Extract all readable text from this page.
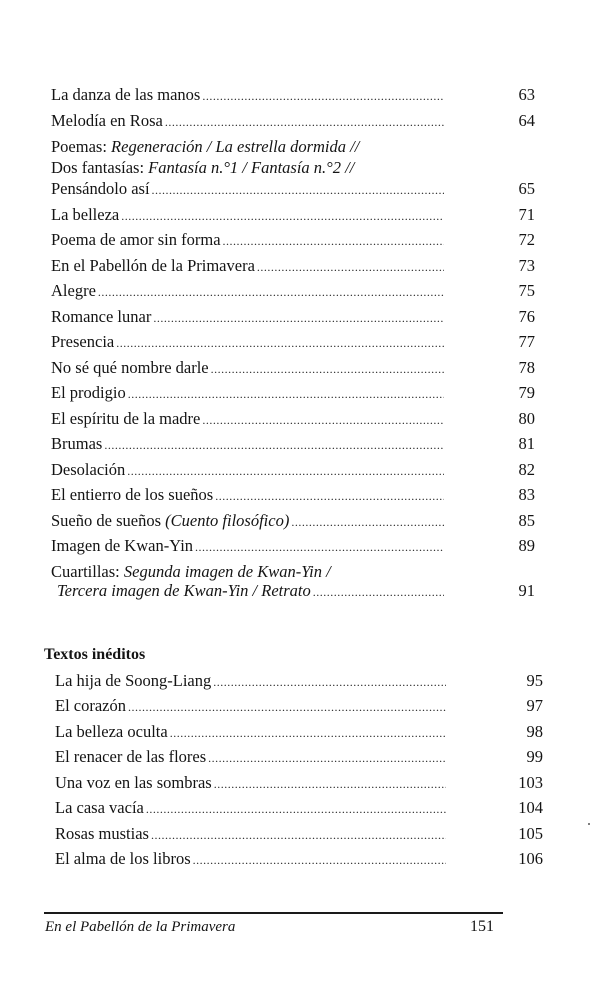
La danza de las manos .....	63
Melodía en Rosa .....	64
Poemas: Regeneración / La estrella dormida //
Dos fantasías: Fantasía n.°1 / Fantasía n.°2 //
Pensándolo así .....	65
La belleza .....	71
Poema de amor sin forma .....	72
En el Pabellón de la Primavera .....	73
Alegre .....	75
Romance lunar .....	76
Presencia .....	77
No sé qué nombre darle .....	78
El prodigio .....	79
El espíritu de la madre .....	80
Brumas .....	81
Desolación .....	82
El entierro de los sueños .....	83
Sueño de sueños (Cuento filosófico) .....	85
Imagen de Kwan-Yin .....	89
Cuartillas: Segunda imagen de Kwan-Yin /
Tercera imagen de Kwan-Yin / Retrato .....	91
Textos inéditos
La hija de Soong-Liang .....	95
El corazón .....	97
La belleza oculta .....	98
El renacer de las flores .....	99
Una voz en las sombras .....	103
La casa vacía .....	104
Rosas mustias .....	105
El alma de los libros .....	106
En el Pabellón de la Primavera	151
